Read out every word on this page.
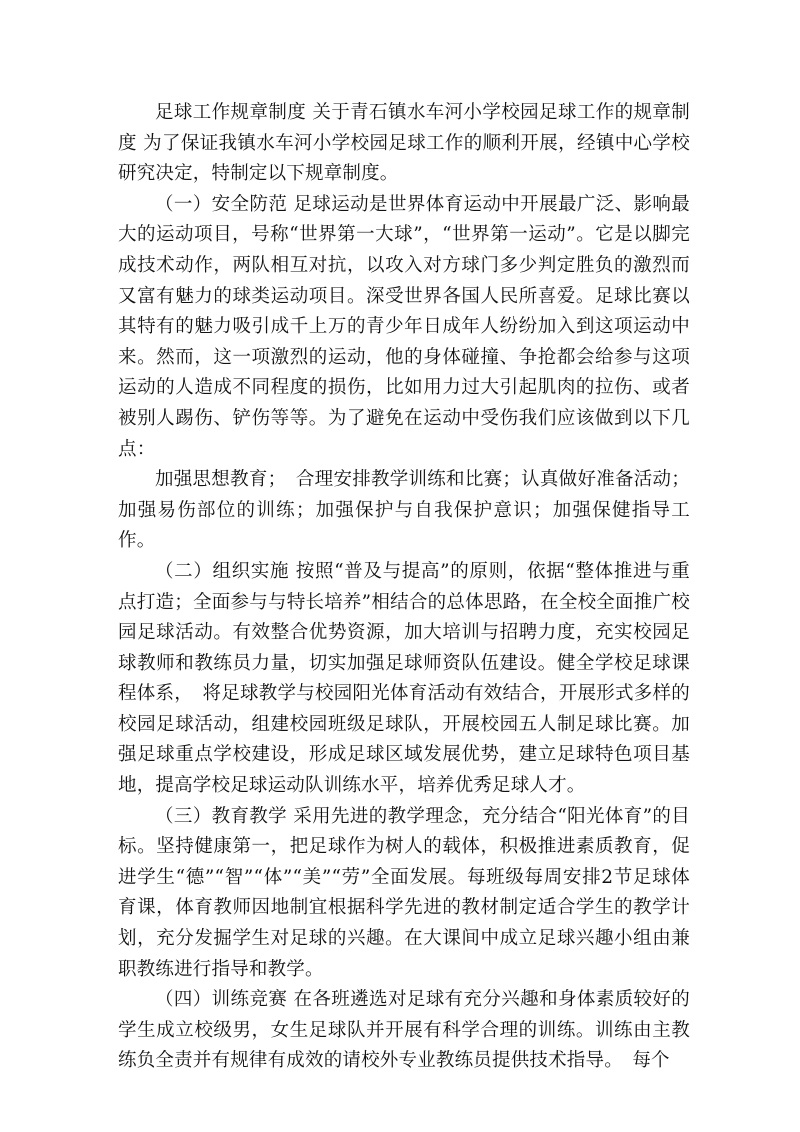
足球工作规章制度 关于青石镇水车河小学校园足球工作的规章制度 为了保证我镇水车河小学校园足球工作的顺利开展，经镇中心学校研究决定，特制定以下规章制度。

（一）安全防范 足球运动是世界体育运动中开展最广泛、影响最大的运动项目，号称“世界第一大球”，“世界第一运动”。它是以脚完成技术动作，两队相互对抗，以攻入对方球门多少判定胜负的激烈而又富有魅力的球类运动项目。深受世界各国人民所喜爱。足球比赛以其特有的魅力吸引成千上万的青少年日成年人纷纷加入到这项运动中来。然而，这一项激烈的运动，他的身体碰撞、争抢都会给参与这项运动的人造成不同程度的损伤，比如用力过大引起肌肉的拉伤、或者被别人踢伤、铲伤等等。为了避免在运动中受伤我们应该做到以下几点：

加强思想教育；　合理安排教学训练和比赛；认真做好准备活动；加强易伤部位的训练；加强保护与自我保护意识；加强保健指导工作。

（二）组织实施 按照“普及与提高”的原则，依据“整体推进与重点打造；全面参与与特长培养”相结合的总体思路，在全校全面推广校园足球活动。有效整合优势资源，加大培训与招聘力度，充实校园足球教师和教练员力量，切实加强足球师资队伍建设。健全学校足球课程体系，　将足球教学与校园阳光体育活动有效结合，开展形式多样的校园足球活动，组建校园班级足球队，开展校园五人制足球比赛。加强足球重点学校建设，形成足球区域发展优势，建立足球特色项目基地，提高学校足球运动队训练水平，培养优秀足球人才。

（三）教育教学 采用先进的教学理念，充分结合“阳光体育”的目标。坚持健康第一，把足球作为树人的载体，积极推进素质教育，促进学生“德”“智”“体”“美”“劳”全面发展。每班级每周安排2节足球体育课，体育教师因地制宜根据科学先进的教材制定适合学生的教学计划，充分发掘学生对足球的兴趣。在大课间中成立足球兴趣小组由兼职教练进行指导和教学。

（四）训练竞赛 在各班遴选对足球有充分兴趣和身体素质较好的学生成立校级男，女生足球队并开展有科学合理的训练。训练由主教练负全责并有规律有成效的请校外专业教练员提供技术指导。　每个
